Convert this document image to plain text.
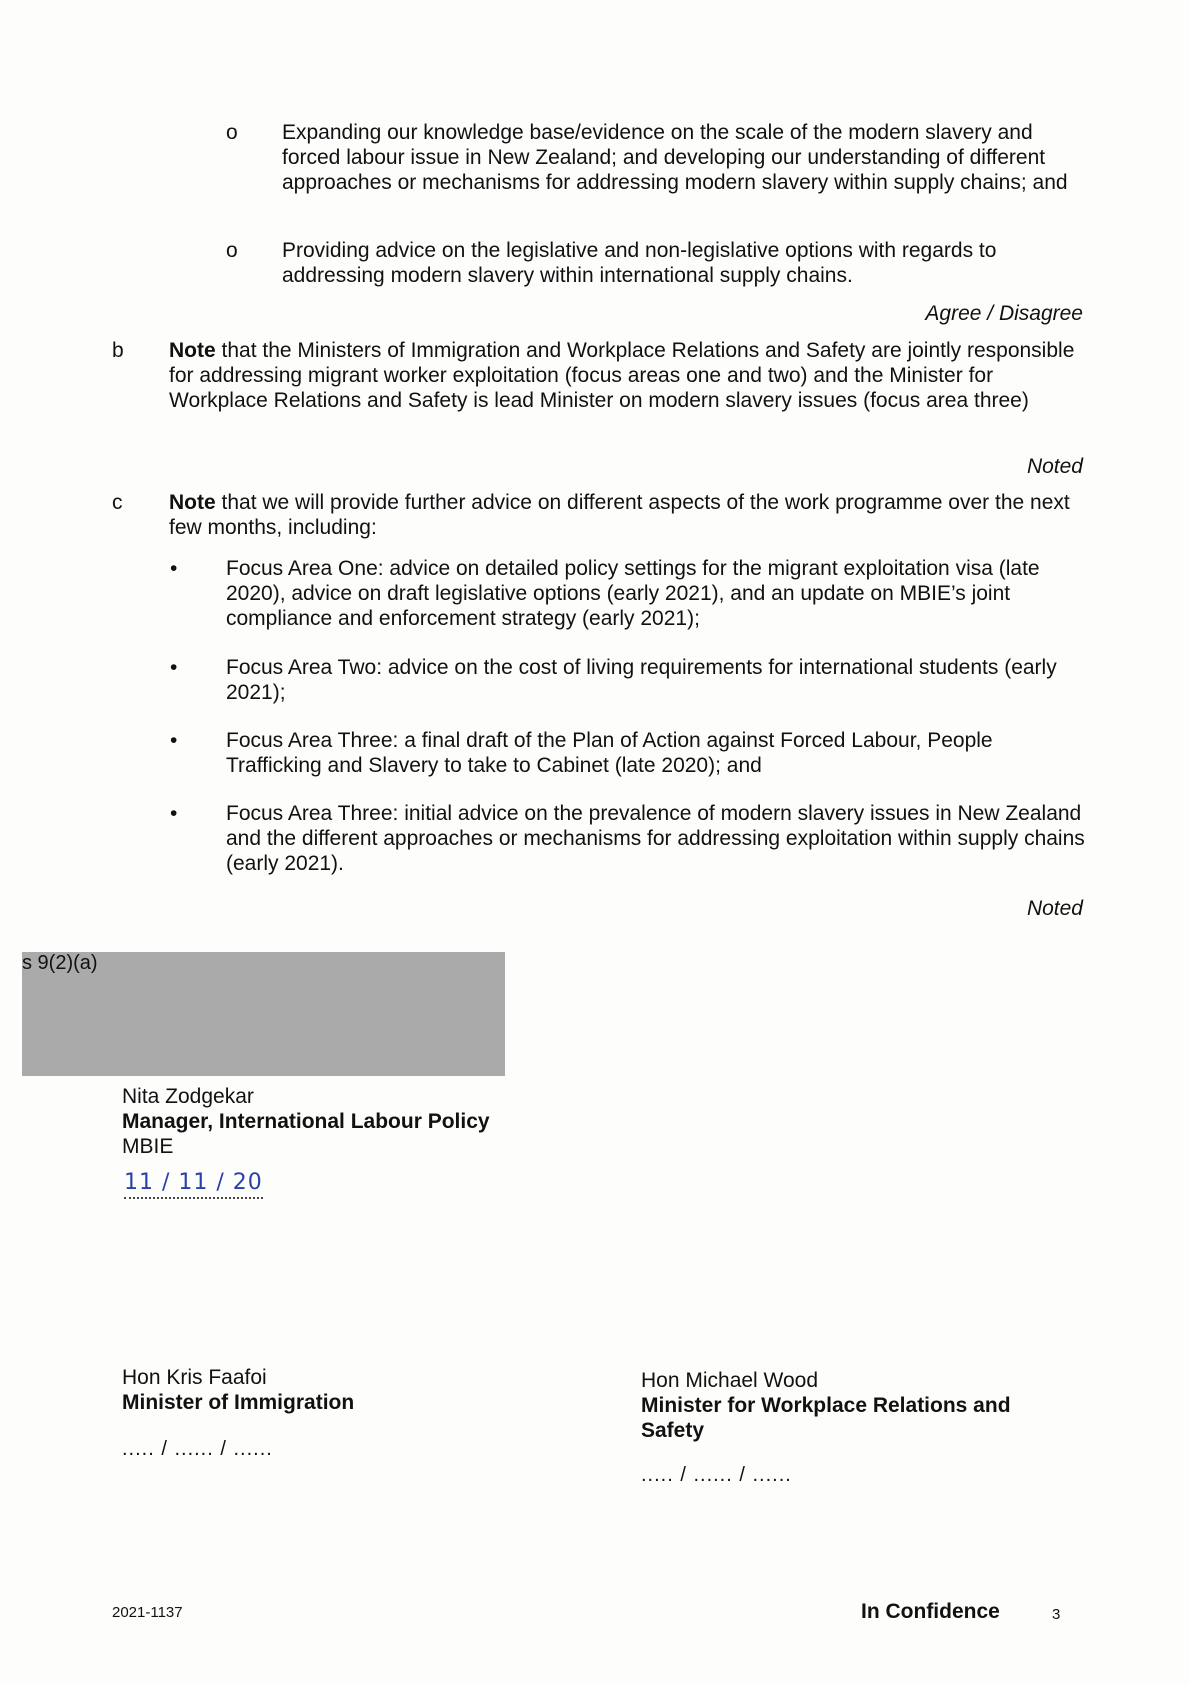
o Expanding our knowledge base/evidence on the scale of the modern slavery and forced labour issue in New Zealand; and developing our understanding of different approaches or mechanisms for addressing modern slavery within supply chains; and
o Providing advice on the legislative and non-legislative options with regards to addressing modern slavery within international supply chains.
Agree / Disagree
b Note that the Ministers of Immigration and Workplace Relations and Safety are jointly responsible for addressing migrant worker exploitation (focus areas one and two) and the Minister for Workplace Relations and Safety is lead Minister on modern slavery issues (focus area three)
Noted
c Note that we will provide further advice on different aspects of the work programme over the next few months, including:
• Focus Area One: advice on detailed policy settings for the migrant exploitation visa (late 2020), advice on draft legislative options (early 2021), and an update on MBIE’s joint compliance and enforcement strategy (early 2021);
• Focus Area Two: advice on the cost of living requirements for international students (early 2021);
• Focus Area Three: a final draft of the Plan of Action against Forced Labour, People Trafficking and Slavery to take to Cabinet (late 2020); and
• Focus Area Three: initial advice on the prevalence of modern slavery issues in New Zealand and the different approaches or mechanisms for addressing exploitation within supply chains (early 2021).
Noted
s 9(2)(a)
Nita Zodgekar
Manager, International Labour Policy
MBIE
11 / 11 / 20
Hon Kris Faafoi
Minister of Immigration
..... / ...... / ......
Hon Michael Wood
Minister for Workplace Relations and Safety
..... / ...... / ......
2021-1137	In Confidence	3
